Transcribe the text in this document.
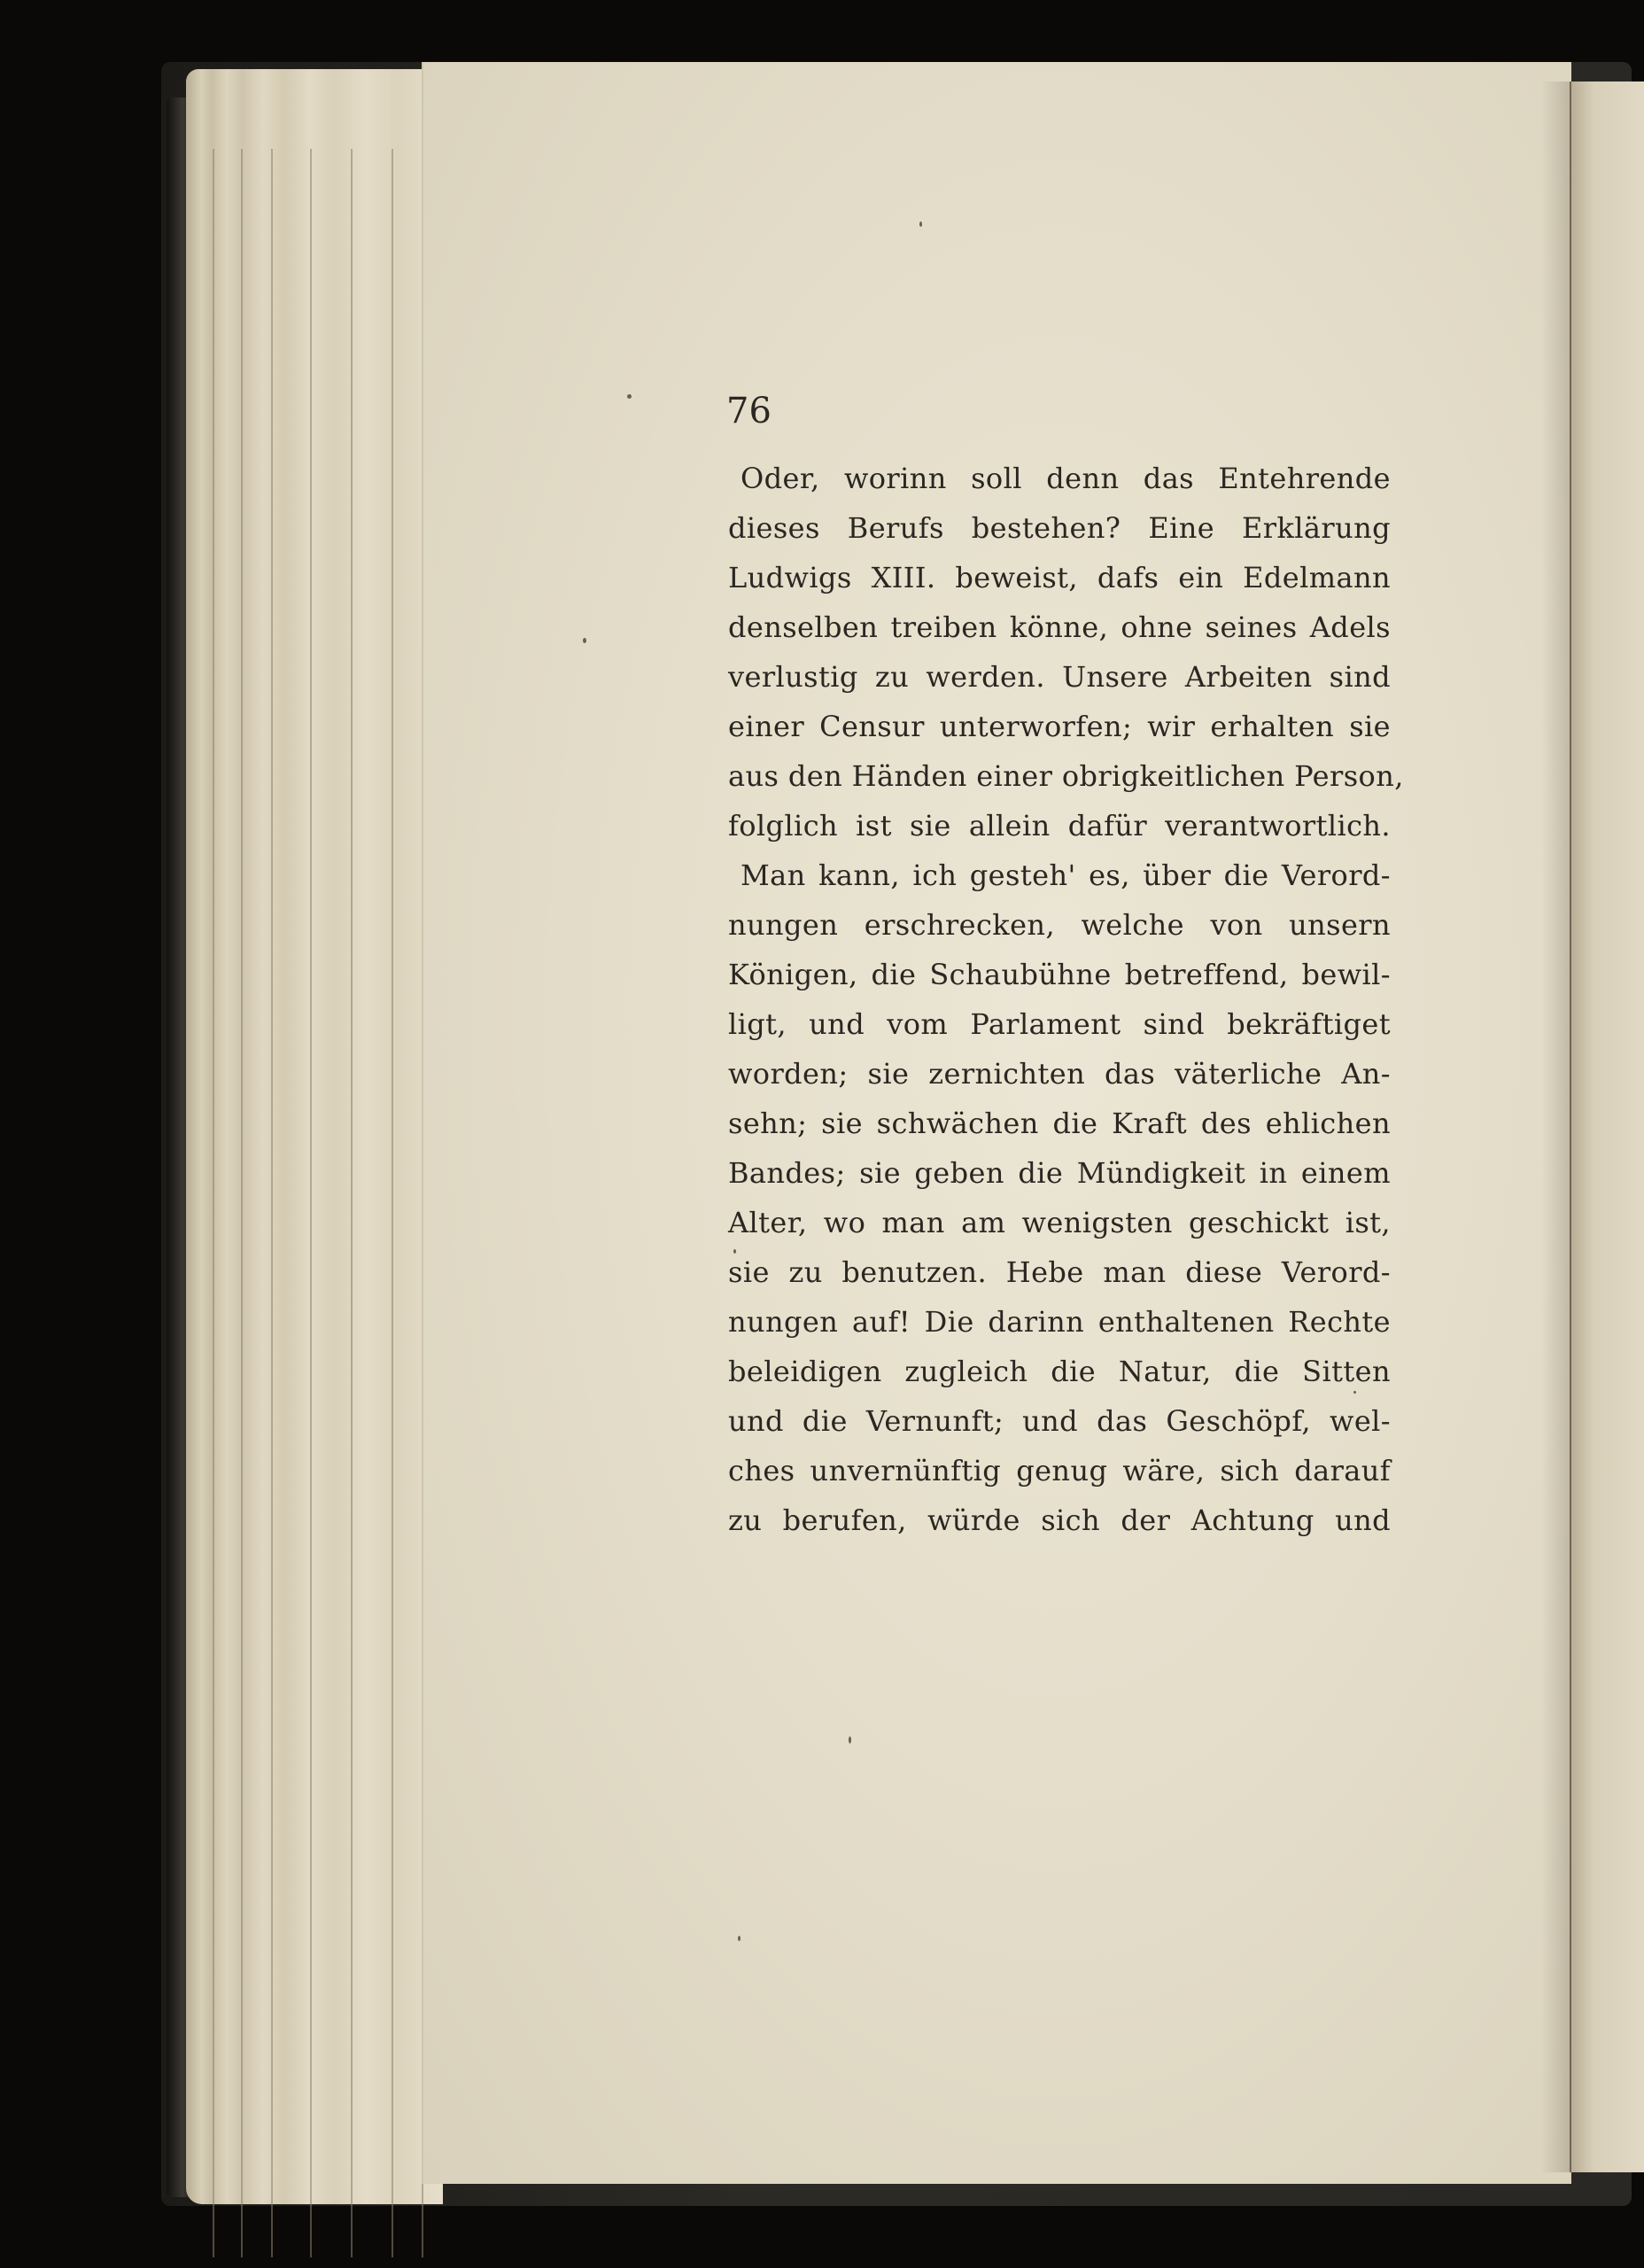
76
Oder, worinn soll denn das Entehrende
dieses Berufs bestehen? Eine Erklärung
Ludwigs XIII. beweist, dafs ein Edelmann
denselben treiben könne, ohne seines Adels
verlustig zu werden. Unsere Arbeiten sind
einer Censur unterworfen; wir erhalten sie
aus den Händen einer obrigkeitlichen Person,
folglich ist sie allein dafür verantwortlich.
Man kann, ich gesteh' es, über die Verord-
nungen erschrecken, welche von unsern
Königen, die Schaubühne betreffend, bewil-
ligt, und vom Parlament sind bekräftiget
worden; sie zernichten das väterliche An-
sehn; sie schwächen die Kraft des ehlichen
Bandes; sie geben die Mündigkeit in einem
Alter, wo man am wenigsten geschickt ist,
sie zu benutzen. Hebe man diese Verord-
nungen auf! Die darinn enthaltenen Rechte
beleidigen zugleich die Natur, die Sitten
und die Vernunft; und das Geschöpf, wel-
ches unvernünftig genug wäre, sich darauf
zu berufen, würde sich der Achtung und
